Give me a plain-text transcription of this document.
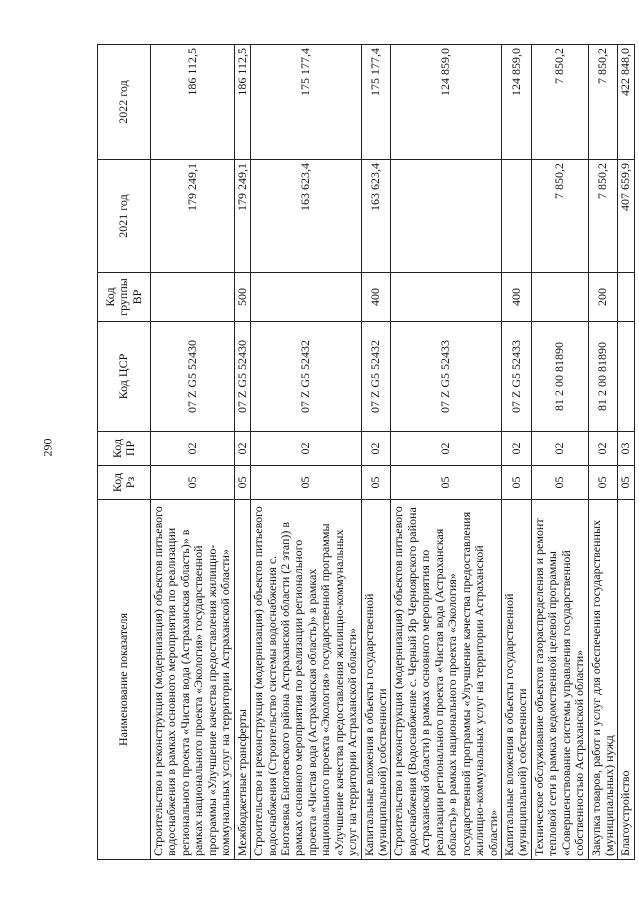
290
Наименование показателя	Код Рз	Код ПР	Код ЦСР	Код группы ВР	2021 год	2022 год
Строительство и реконструкция (модернизация) объектов питьевого водоснабжения в рамках основного мероприятия по реализации регионального проекта «Чистая вода (Астраханская область)» в рамках национального проекта «Экология» государственной программы «Улучшение качества предоставления жилищно-коммунальных услуг на территории Астраханской области»	05	02	07 Z G5 52430		179 249,1	186 112,5
Межбюджетные трансферты	05	02	07 Z G5 52430	500	179 249,1	186 112,5
Строительство и реконструкция (модернизация) объектов питьевого водоснабжения (Строительство системы водоснабжения с. Енотаевка Енотаевского района Астраханской области (2 этап)) в рамках основного мероприятия по реализации регионального проекта «Чистая вода (Астраханская область)» в рамках национального проекта «Экология» государственной программы «Улучшение качества предоставления жилищно-коммунальных услуг на территории Астраханской области»	05	02	07 Z G5 52432		163 623,4	175 177,4
Капитальные вложения в объекты государственной (муниципальной) собственности	05	02	07 Z G5 52432	400	163 623,4	175 177,4
Строительство и реконструкция (модернизация) объектов питьевого водоснабжения (Водоснабжение с. Черный Яр Черноярского района Астраханской области) в рамках основного мероприятия по реализации регионального проекта «Чистая вода (Астраханская область)» в рамках национального проекта «Экология» государственной программы «Улучшение качества предоставления жилищно-коммунальных услуг на территории Астраханской области»	05	02	07 Z G5 52433			124 859,0
Капитальные вложения в объекты государственной (муниципальной) собственности	05	02	07 Z G5 52433	400		124 859,0
Техническое обслуживание объектов газораспределения и ремонт тепловой сети в рамках ведомственной целевой программы «Совершенствование системы управления государственной собственностью Астраханской области»	05	02	81 2 00 81890		7 850,2	7 850,2
Закупка товаров, работ и услуг для обеспечения государственных (муниципальных) нужд	05	02	81 2 00 81890	200	7 850,2	7 850,2
Благоустройство	05	03			407 659,9	422 848,0
